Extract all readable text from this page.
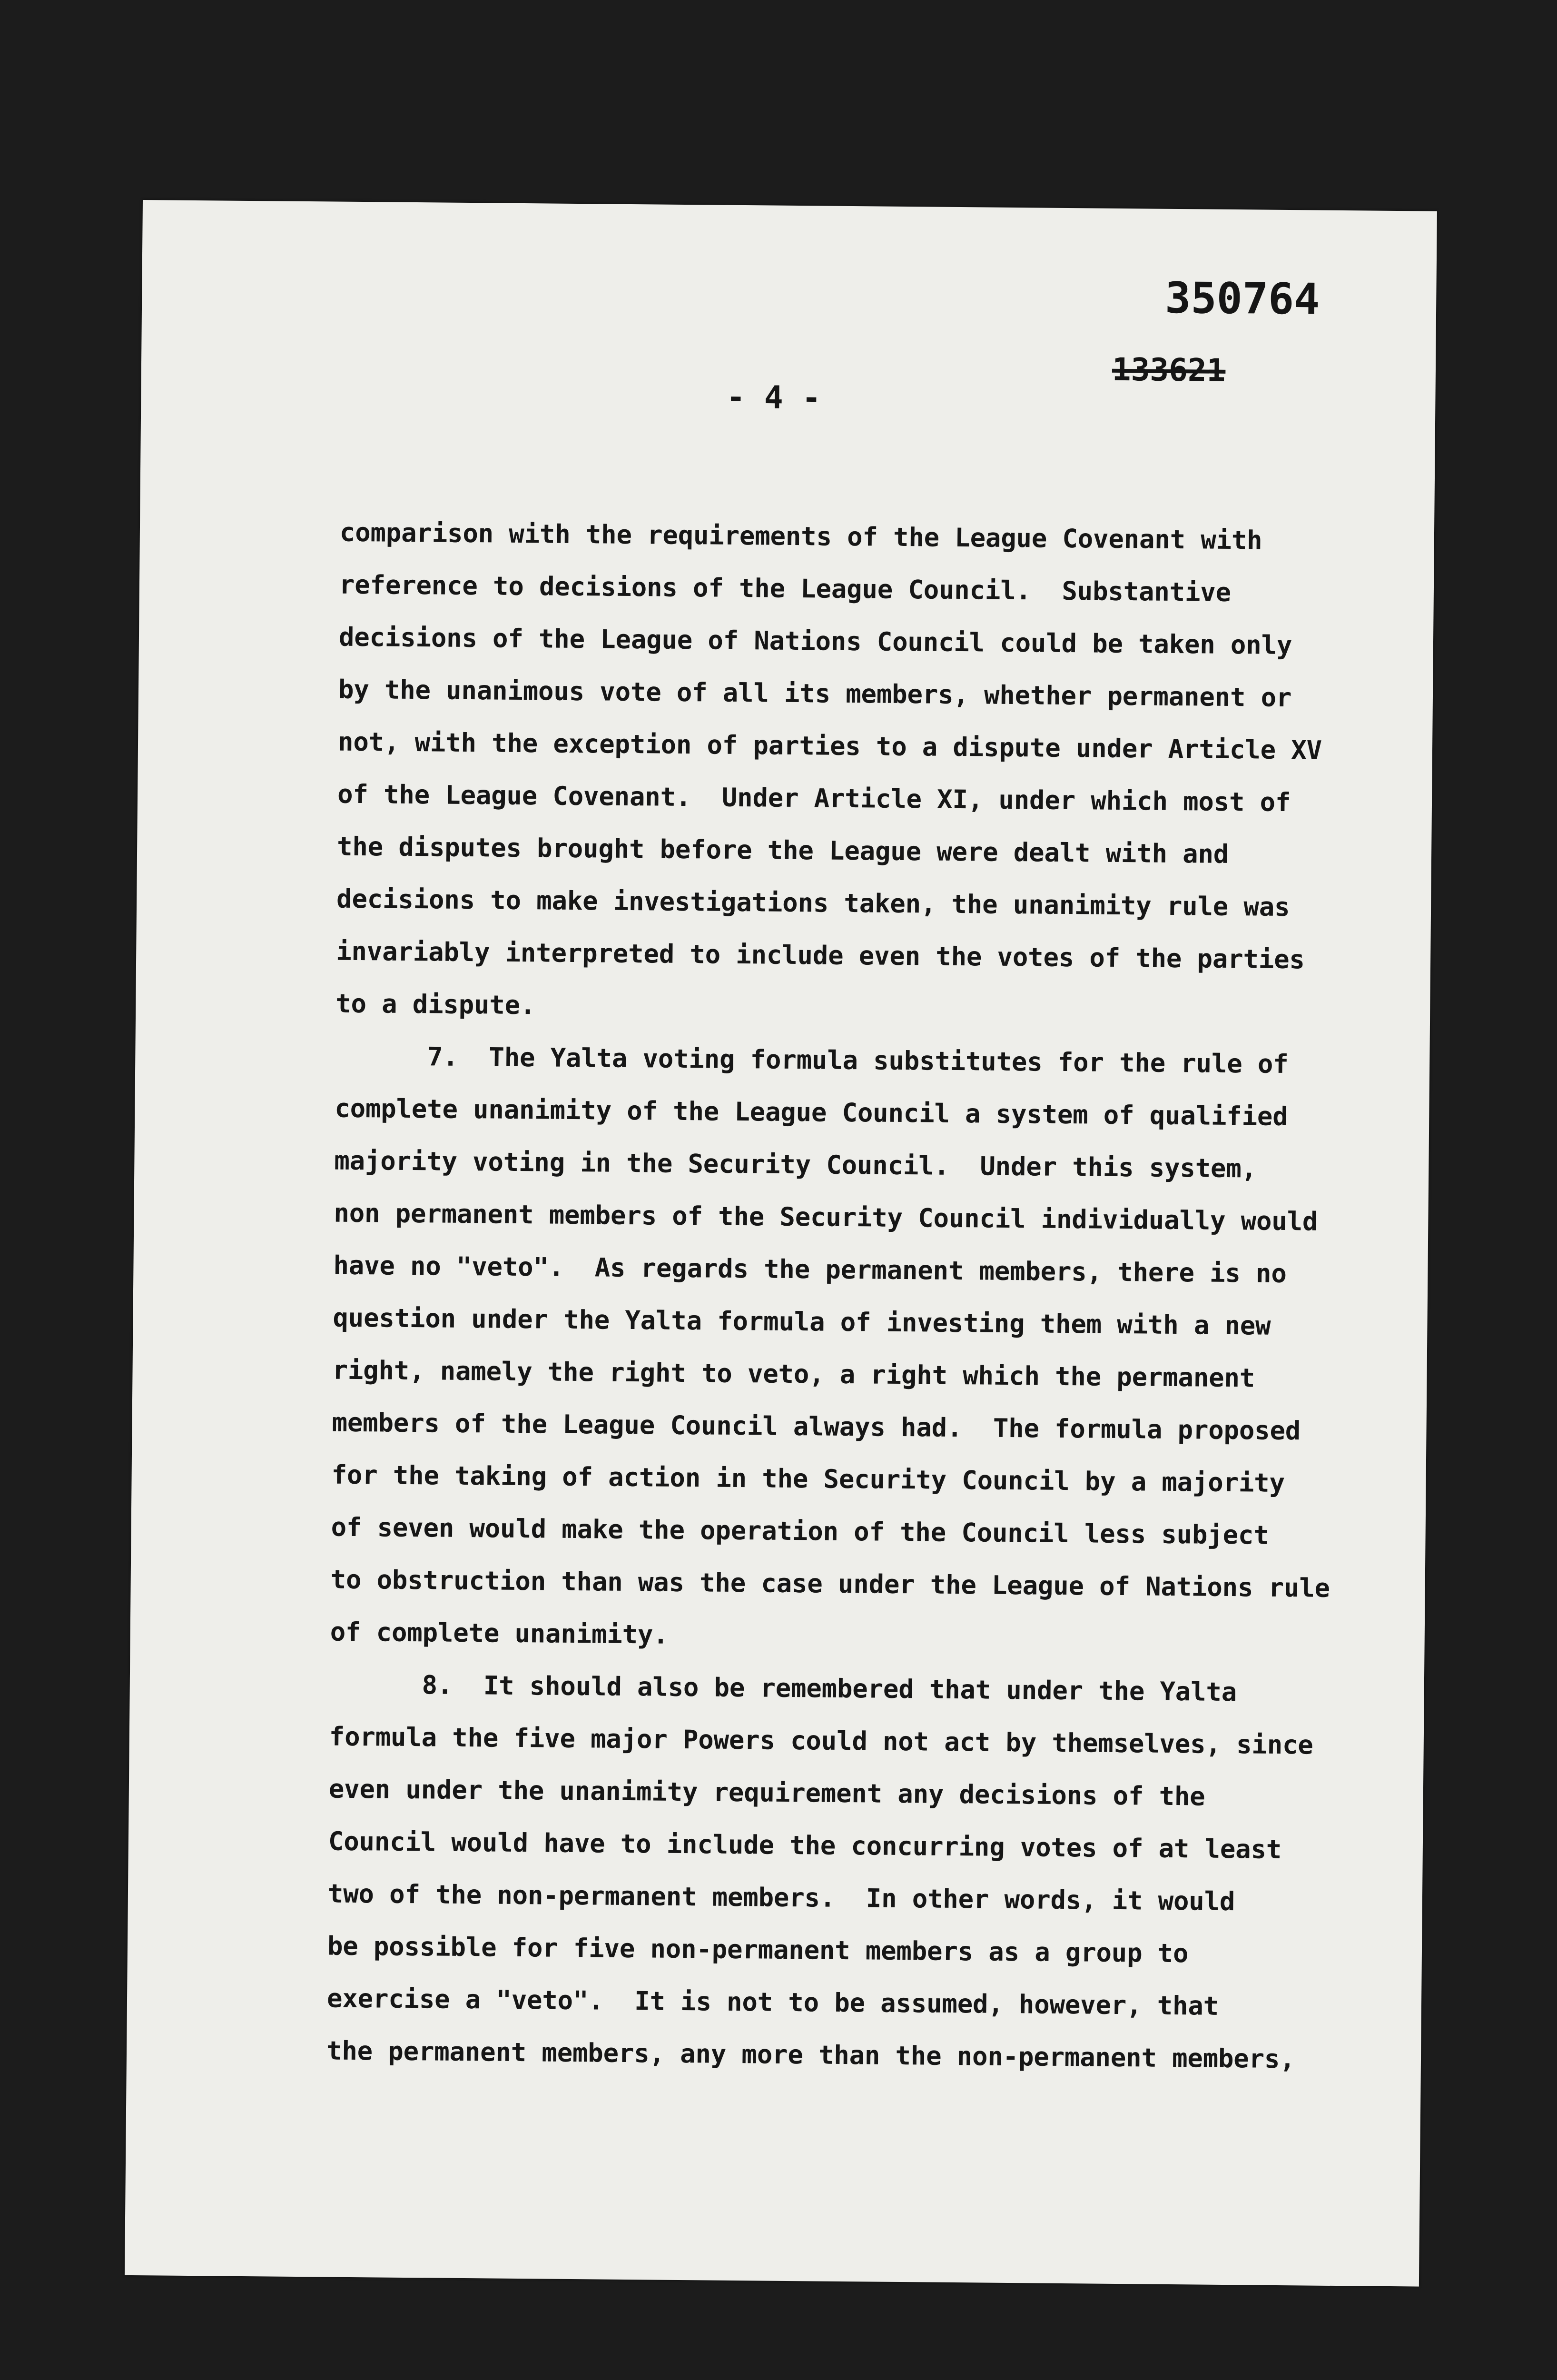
350764
133621
- 4 -
comparison with the requirements of the League Covenant with
reference to decisions of the League Council.  Substantive
decisions of the League of Nations Council could be taken only
by the unanimous vote of all its members, whether permanent or
not, with the exception of parties to a dispute under Article XV
of the League Covenant.  Under Article XI, under which most of
the disputes brought before the League were dealt with and
decisions to make investigations taken, the unanimity rule was
invariably interpreted to include even the votes of the parties
to a dispute.
7.  The Yalta voting formula substitutes for the rule of
complete unanimity of the League Council a system of qualified
majority voting in the Security Council.  Under this system,
non permanent members of the Security Council individually would
have no "veto".  As regards the permanent members, there is no
question under the Yalta formula of investing them with a new
right, namely the right to veto, a right which the permanent
members of the League Council always had.  The formula proposed
for the taking of action in the Security Council by a majority
of seven would make the operation of the Council less subject
to obstruction than was the case under the League of Nations rule
of complete unanimity.
8.  It should also be remembered that under the Yalta
formula the five major Powers could not act by themselves, since
even under the unanimity requirement any decisions of the
Council would have to include the concurring votes of at least
two of the non-permanent members.  In other words, it would
be possible for five non-permanent members as a group to
exercise a "veto".  It is not to be assumed, however, that
the permanent members, any more than the non-permanent members,
